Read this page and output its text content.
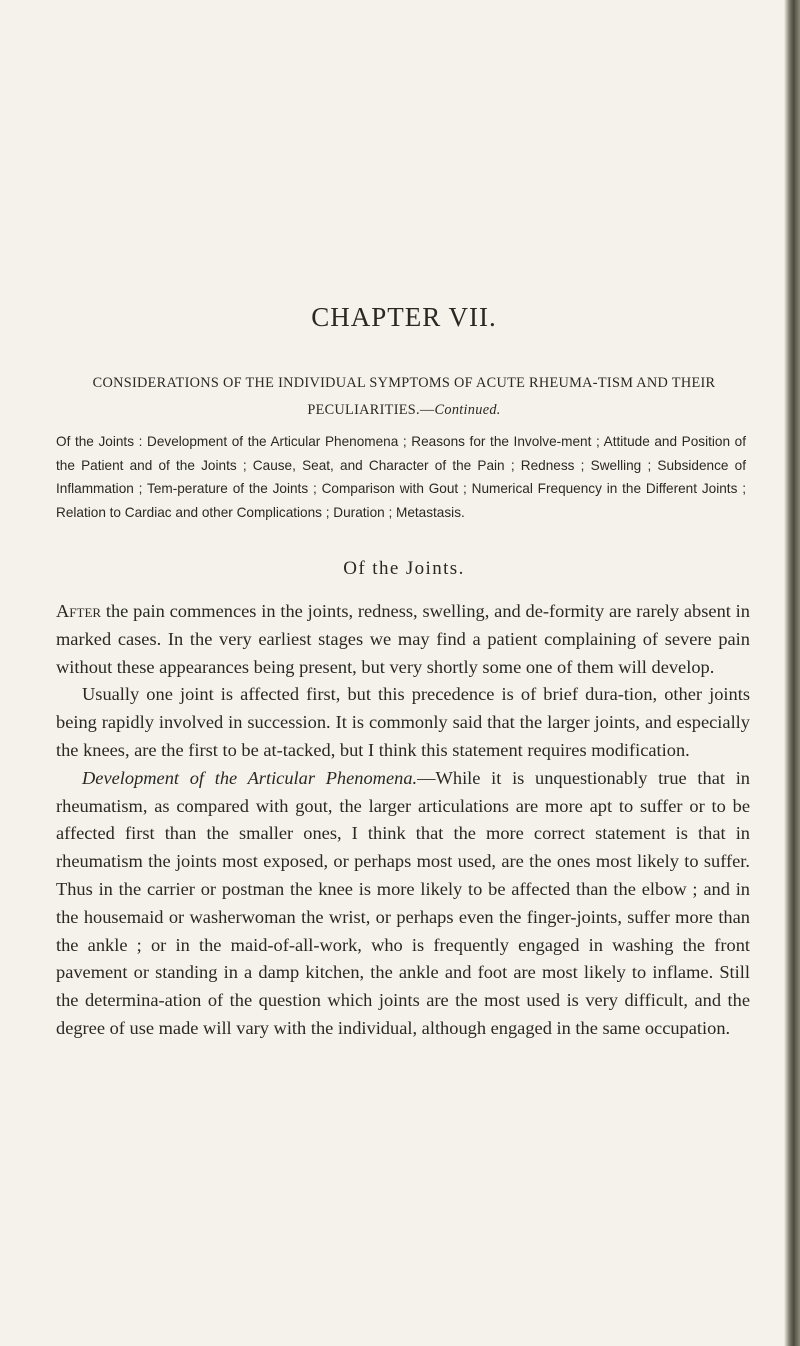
CHAPTER VII.
CONSIDERATIONS OF THE INDIVIDUAL SYMPTOMS OF ACUTE RHEUMA-TISM AND THEIR PECULIARITIES.—Continued.
Of the Joints : Development of the Articular Phenomena ; Reasons for the Involve-ment ; Attitude and Position of the Patient and of the Joints ; Cause, Seat, and Character of the Pain ; Redness ; Swelling ; Subsidence of Inflammation ; Tem-perature of the Joints ; Comparison with Gout ; Numerical Frequency in the Different Joints ; Relation to Cardiac and other Complications ; Duration ; Metastasis.
Of the Joints.

After the pain commences in the joints, redness, swelling, and de-formity are rarely absent in marked cases. In the very earliest stages we may find a patient complaining of severe pain without these appearances being present, but very shortly some one of them will develop.

Usually one joint is affected first, but this precedence is of brief dura-tion, other joints being rapidly involved in succession. It is commonly said that the larger joints, and especially the knees, are the first to be at-tacked, but I think this statement requires modification.

Development of the Articular Phenomena.—While it is unquestionably true that in rheumatism, as compared with gout, the larger articulations are more apt to suffer or to be affected first than the smaller ones, I think that the more correct statement is that in rheumatism the joints most exposed, or perhaps most used, are the ones most likely to suffer. Thus in the carrier or postman the knee is more likely to be affected than the elbow ; and in the housemaid or washerwoman the wrist, or perhaps even the finger-joints, suffer more than the ankle ; or in the maid-of-all-work, who is frequently engaged in washing the front pavement or standing in a damp kitchen, the ankle and foot are most likely to inflame. Still the determina-ation of the question which joints are the most used is very difficult, and the degree of use made will vary with the individual, although engaged in the same occupation.
